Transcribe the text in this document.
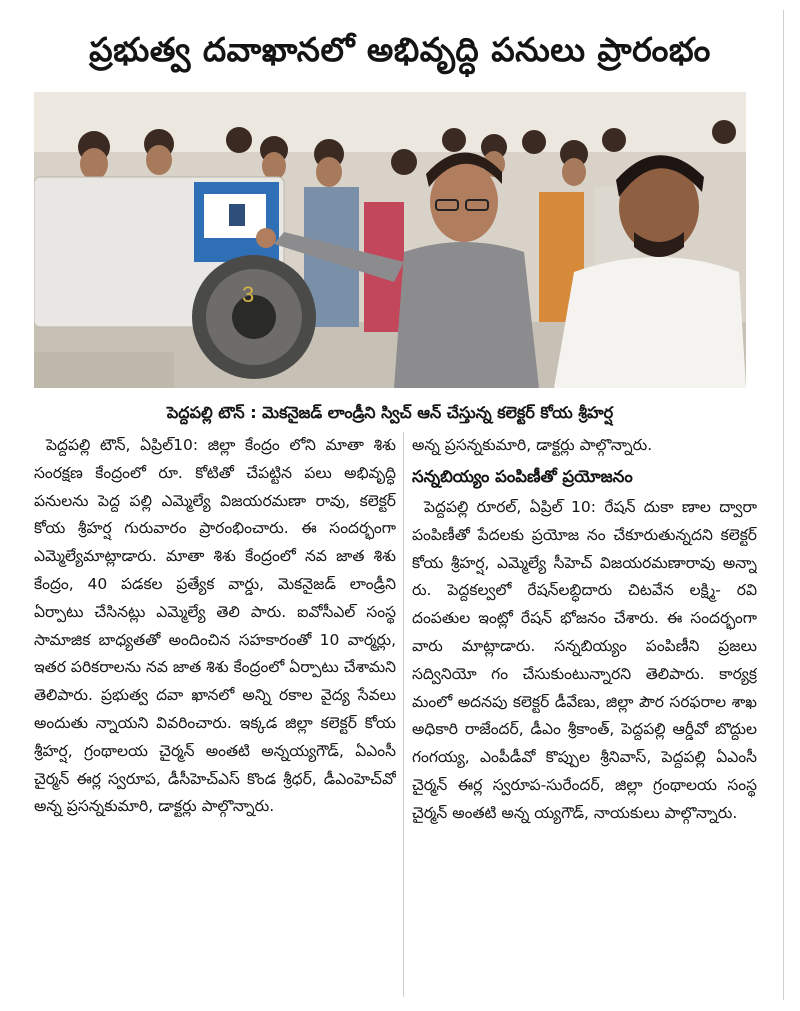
ప్రభుత్వ దవాఖానలో అభివృద్ధి పనులు ప్రారంభం
3
పెద్దపల్లి టౌన్‌ : మెకనైజడ్‌ లాండ్రీని స్విచ్‌ ఆన్‌ చేస్తున్న కలెక్టర్‌ కోయ శ్రీహర్ష

పెద్దపల్లి టౌన్‌, ఏప్రిల్‌10: జిల్లా కేంద్రం లోని మాతా శిశు సంరక్షణ కేంద్రంలో రూ. కోటితో చేపట్టిన పలు అభివృద్ధి పనులను పెద్ద పల్లి ఎమ్మెల్యే విజయరమణా రావు, కలెక్టర్‌ కోయ శ్రీహర్ష గురువారం ప్రారంభించారు. ఈ సందర్భంగా ఎమ్మెల్యేమాట్లాడారు. మాతా శిశు కేంద్రంలో నవ జాత శిశు కేంద్రం, 40 పడకల ప్రత్యేక వార్డు, మెకనైజడ్‌ లాండ్రీని ఏర్పాటు చేసినట్లు ఎమ్మెల్యే తెలి పారు. ఐవోసీఎల్‌ సంస్థ సామాజిక బాధ్యతతో అందించిన సహకారంతో 10 వార్మర్లు, ఇతర పరికరాలను నవ జాత శిశు కేంద్రంలో ఏర్పాటు చేశామని తెలిపారు. ప్రభుత్వ దవా ఖానలో అన్ని రకాల వైద్య సేవలు అందుతు న్నాయని వివరించారు. ఇక్కడ జిల్లా కలెక్టర్‌ కోయ శ్రీహర్ష, గ్రంథాలయ చైర్మన్‌ అంతటి అన్నయ్యగౌడ్‌, ఏఎంసీ చైర్మన్‌ ఈర్ల స్వరూప, డీసీహెచ్‌ఎస్‌ కొండ శ్రీధర్‌, డీఎంహెచ్‌వో అన్న ప్రసన్నకుమారి, డాక్టర్లు పాల్గొన్నారు.

అన్న ప్రసన్నకుమారి, డాక్టర్లు పాల్గొన్నారు.
సన్నబియ్యం పంపిణీతో ప్రయోజనం

పెద్దపల్లి రూరల్‌, ఏప్రిల్‌ 10: రేషన్‌ దుకా ణాల ద్వారా పంపిణీతో పేదలకు ప్రయోజ నం చేకూరుతున్నదని కలెక్టర్‌ కోయ శ్రీహర్ష, ఎమ్మెల్యే సీహెచ్‌ విజయరమణారావు అన్నా రు. పెద్దకల్వలో రేషన్‌లబ్ధిదారు చిటవేన లక్ష్మి- రవి దంపతుల ఇంట్లో రేషన్‌ భోజనం చేశారు. ఈ సందర్భంగా వారు మాట్లాడారు. సన్నబియ్యం పంపిణీని ప్రజలు సద్వినియో గం చేసుకుంటున్నారని తెలిపారు. కార్యక్ర మంలో అదనపు కలెక్టర్‌ డీవేణు, జిల్లా పౌర సరఫరాల శాఖ అధికారి రాజేందర్‌, డీఎం శ్రీకాంత్‌, పెద్దపల్లి ఆర్డీవో బొద్దుల గంగయ్య, ఎంపీడీవో కొప్పుల శ్రీనివాస్‌, పెద్దపల్లి ఏఎంసీ చైర్మన్‌ ఈర్ల స్వరూప-సురేందర్‌, జిల్లా గ్రంథాలయ సంస్థ చైర్మన్‌ అంతటి అన్న య్యగౌడ్‌, నాయకులు పాల్గొన్నారు.
